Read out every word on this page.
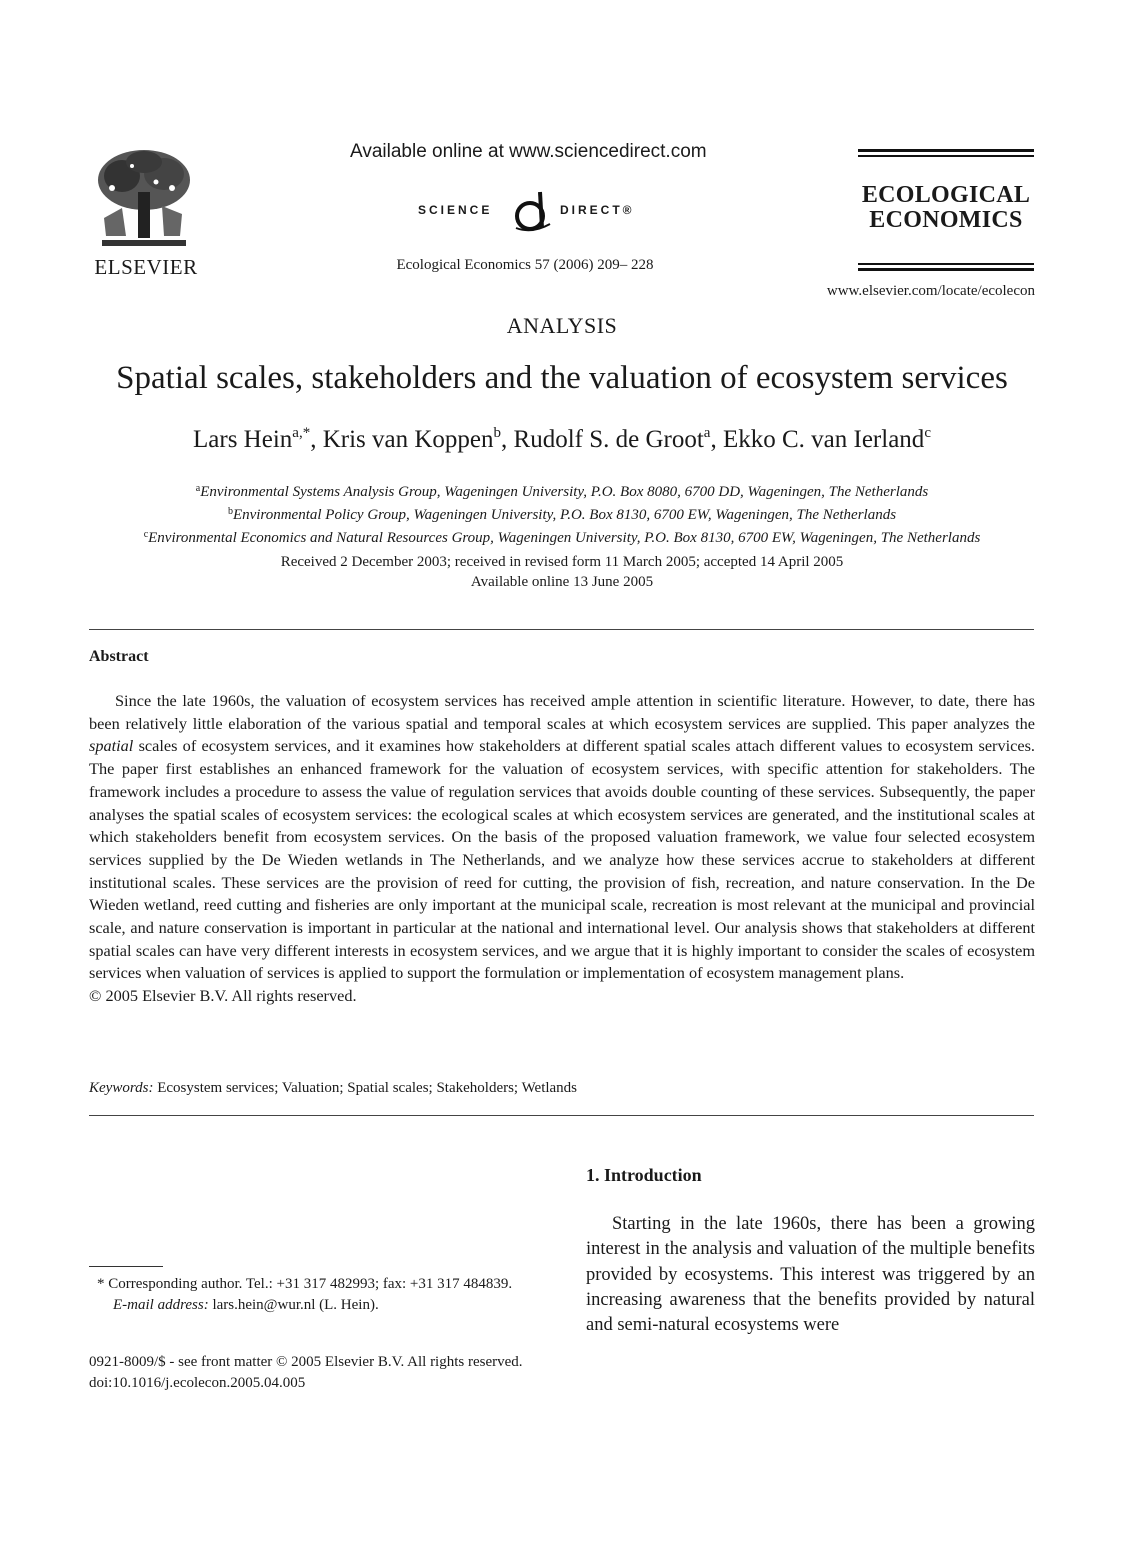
ELSEVIER
Available online at www.sciencedirect.com
SCIENCE	DIRECT®
Ecological Economics 57 (2006) 209– 228
ECOLOGICAL
ECONOMICS
www.elsevier.com/locate/ecolecon
ANALYSIS
Spatial scales, stakeholders and the valuation of ecosystem services
Lars Hein$^{a,*}$, Kris van Koppen$^b$, Rudolf S. de Groot$^a$, Ekko C. van Ierland$^c$
$^a$Environmental Systems Analysis Group, Wageningen University, P.O. Box 8080, 6700 DD, Wageningen, The Netherlands
$^b$Environmental Policy Group, Wageningen University, P.O. Box 8130, 6700 EW, Wageningen, The Netherlands
$^c$Environmental Economics and Natural Resources Group, Wageningen University, P.O. Box 8130, 6700 EW, Wageningen, The Netherlands
Received 2 December 2003; received in revised form 11 March 2005; accepted 14 April 2005
Available online 13 June 2005
Abstract

Since the late 1960s, the valuation of ecosystem services has received ample attention in scientific literature. However, to date, there has been relatively little elaboration of the various spatial and temporal scales at which ecosystem services are supplied. This paper analyzes the spatial scales of ecosystem services, and it examines how stakeholders at different spatial scales attach different values to ecosystem services. The paper first establishes an enhanced framework for the valuation of ecosystem services, with specific attention for stakeholders. The framework includes a procedure to assess the value of regulation services that avoids double counting of these services. Subsequently, the paper analyses the spatial scales of ecosystem services: the ecological scales at which ecosystem services are generated, and the institutional scales at which stakeholders benefit from ecosystem services. On the basis of the proposed valuation framework, we value four selected ecosystem services supplied by the De Wieden wetlands in The Netherlands, and we analyze how these services accrue to stakeholders at different institutional scales. These services are the provision of reed for cutting, the provision of fish, recreation, and nature conservation. In the De Wieden wetland, reed cutting and fisheries are only important at the municipal scale, recreation is most relevant at the municipal and provincial scale, and nature conservation is important in particular at the national and international level. Our analysis shows that stakeholders at different spatial scales can have very different interests in ecosystem services, and we argue that it is highly important to consider the scales of ecosystem services when valuation of services is applied to support the formulation or implementation of ecosystem management plans.

© 2005 Elsevier B.V. All rights reserved.
Keywords: Ecosystem services; Valuation; Spatial scales; Stakeholders; Wetlands
1. Introduction

Starting in the late 1960s, there has been a growing interest in the analysis and valuation of the multiple benefits provided by ecosystems. This interest was triggered by an increasing awareness that the benefits provided by natural and semi-natural ecosystems were

* Corresponding author. Tel.: +31 317 482993; fax: +31 317 484839.

E-mail address: lars.hein@wur.nl (L. Hein).

0921-8009/$ - see front matter © 2005 Elsevier B.V. All rights reserved.
doi:10.1016/j.ecolecon.2005.04.005
